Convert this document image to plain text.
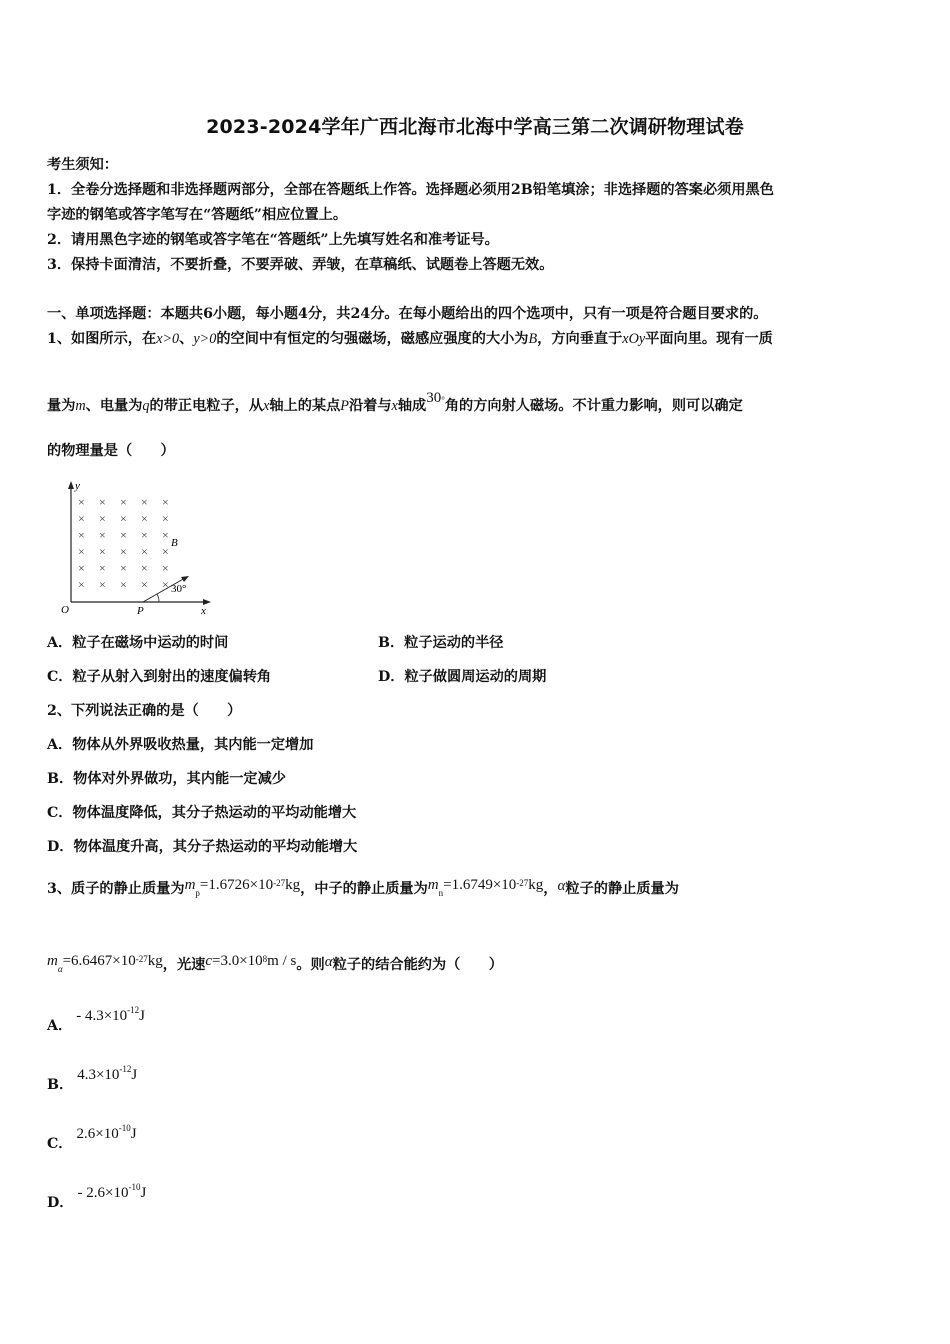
2023-2024学年广西北海市北海中学高三第二次调研物理试卷
考生须知：
1．全卷分选择题和非选择题两部分，全部在答题纸上作答。选择题必须用2B铅笔填涂；非选择题的答案必须用黑色
字迹的钢笔或答字笔写在“答题纸”相应位置上。
2．请用黑色字迹的钢笔或答字笔在“答题纸”上先填写姓名和准考证号。
3．保持卡面清洁，不要折叠，不要弄破、弄皱，在草稿纸、试题卷上答题无效。
一、单项选择题：本题共6小题，每小题4分，共24分。在每小题给出的四个选项中，只有一项是符合题目要求的。
1、如图所示，在x>0、y>0的空间中有恒定的匀强磁场，磁感应强度的大小为B，方向垂直于xOy平面向里。现有一质
量为m、电量为q的带正电粒子，从x轴上的某点P沿着与x轴成30°角的方向射人磁场。不计重力影响，则可以确定
的物理量是（　　）
y
x
O	P
B
× × × × ×
× × × × ×
× × × × ×
× × × × ×
× × × × ×
× × × × × 30°
A．粒子在磁场中运动的时间	B．粒子运动的半径
C．粒子从射入到射出的速度偏转角	D．粒子做圆周运动的周期
2、下列说法正确的是（　　）
A．物体从外界吸收热量，其内能一定增加
B．物体对外界做功，其内能一定减少
C．物体温度降低，其分子热运动的平均动能增大
D．物体温度升高，其分子热运动的平均动能增大
3、质子的静止质量为$m_p=1.6726\times 10^{-27}kg$，中子的静止质量为$m_n=1.6749\times 10^{-27}kg$，α粒子的静止质量为
$m_\alpha=6.6467\times 10^{-27}kg$，光速$c=3.0\times 10^8m / s$。则α粒子的结合能约为（　　）
A．- $4.3\times 10^{-12}J$
B．$4.3\times 10^{-12}J$
C．$2.6\times 10^{-10}J$
D．- $2.6\times 10^{-10}J$
